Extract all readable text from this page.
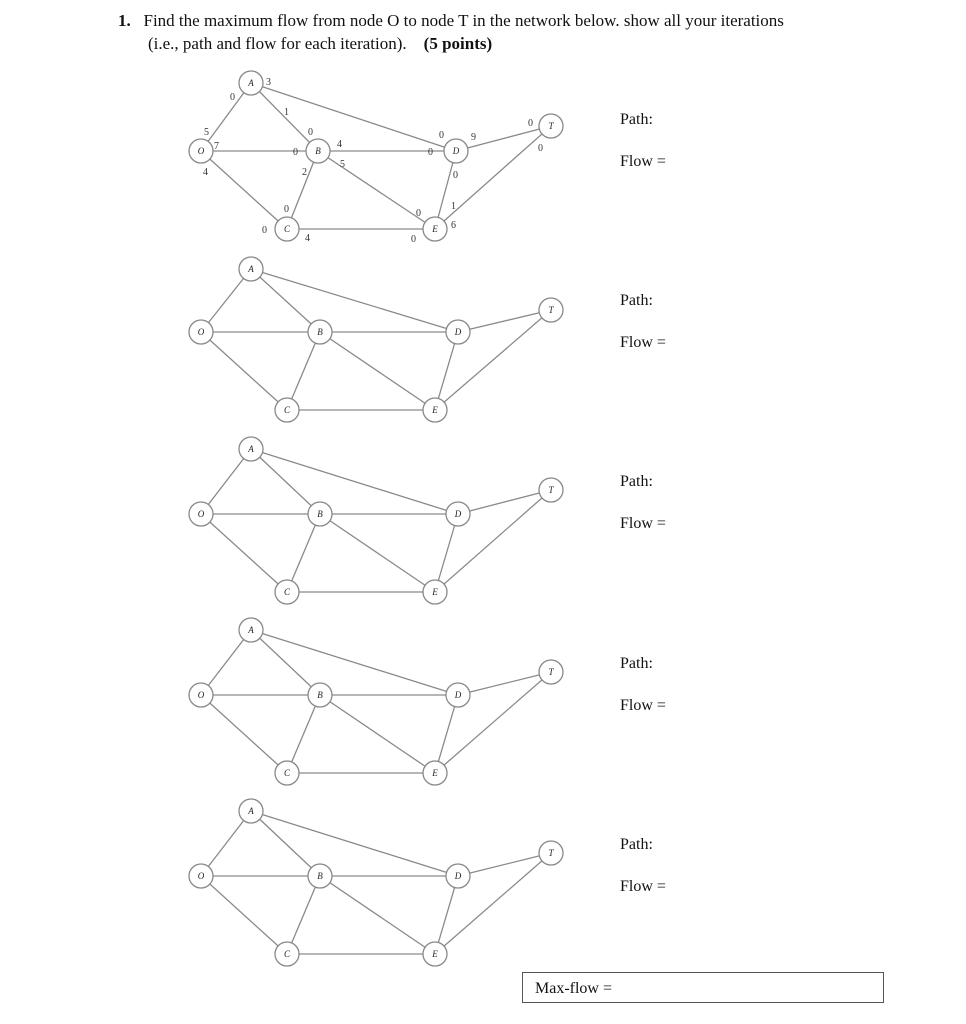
1. Find the maximum flow from node O to node T in the network below. show all your iterations
(i.e., path and flow for each iteration). (5 points)
O
A
B
C
D
E
T
3
0
1
5
7
4
0
0
4
5
2
0
0
4
0
0
9
0
0
0
0
1
6
0
Path:
Flow =
O
A
B
C
D
E
T
Path:
Flow =
O
A
B
C
D
E
T	Path:
Flow =
O
A
B
C
D
E
T	Path:
Flow =
O
A
B
C
D
E
T	Path:
Flow =
Max-flow =
